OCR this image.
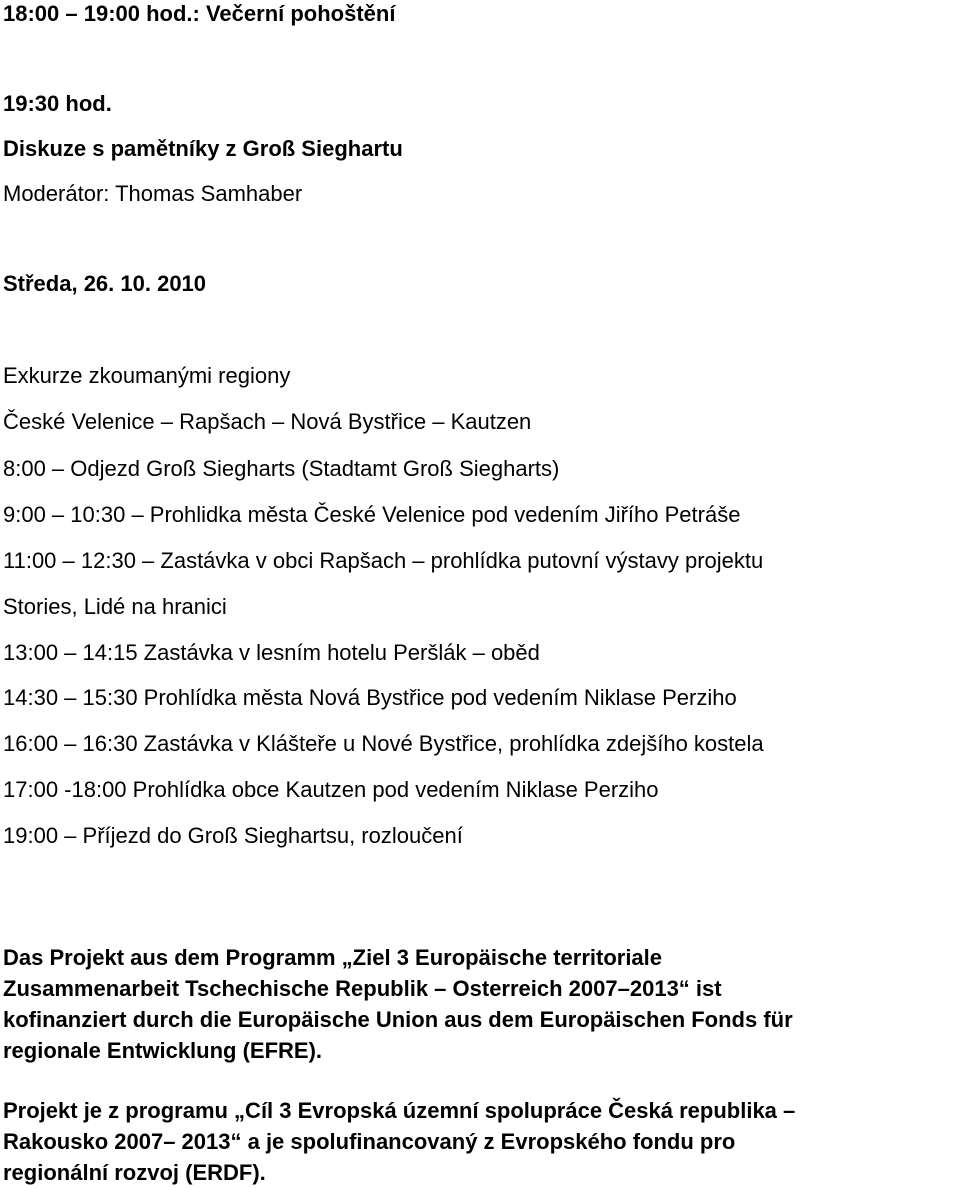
18:00 – 19:00 hod.: Večerní pohoštění
19:30 hod.
Diskuze s pamětníky z Groß Sieghartu
Moderátor: Thomas Samhaber
Středa, 26. 10. 2010
Exkurze zkoumanými regiony
České Velenice – Rapšach – Nová Bystřice – Kautzen
8:00 – Odjezd Groß Siegharts (Stadtamt Groß Siegharts)
9:00 – 10:30 – Prohlidka města České Velenice pod vedením Jiřího Petráše
11:00 – 12:30 – Zastávka v obci Rapšach – prohlídka putovní výstavy projektu
Stories, Lidé na hranici
13:00 – 14:15 Zastávka v lesním hotelu Peršlák – oběd
14:30 – 15:30 Prohlídka města Nová Bystřice pod vedením Niklase Perziho
16:00 – 16:30 Zastávka v Klášteře u Nové Bystřice, prohlídka zdejšího kostela
17:00 -18:00 Prohlídka obce Kautzen pod vedením Niklase Perziho
19:00 – Příjezd do Groß Sieghartsu, rozloučení
Das Projekt aus dem Programm „Ziel 3 Europäische territoriale
Zusammenarbeit Tschechische Republik – Osterreich 2007–2013“ ist
kofinanziert durch die Europäische Union aus dem Europäischen Fonds für
regionale Entwicklung (EFRE).
Projekt je z programu „Cíl 3 Evropská územní spolupráce Česká republika –
Rakousko 2007– 2013“ a je spolufinancovaný z Evropského fondu pro
regionální rozvoj (ERDF).
